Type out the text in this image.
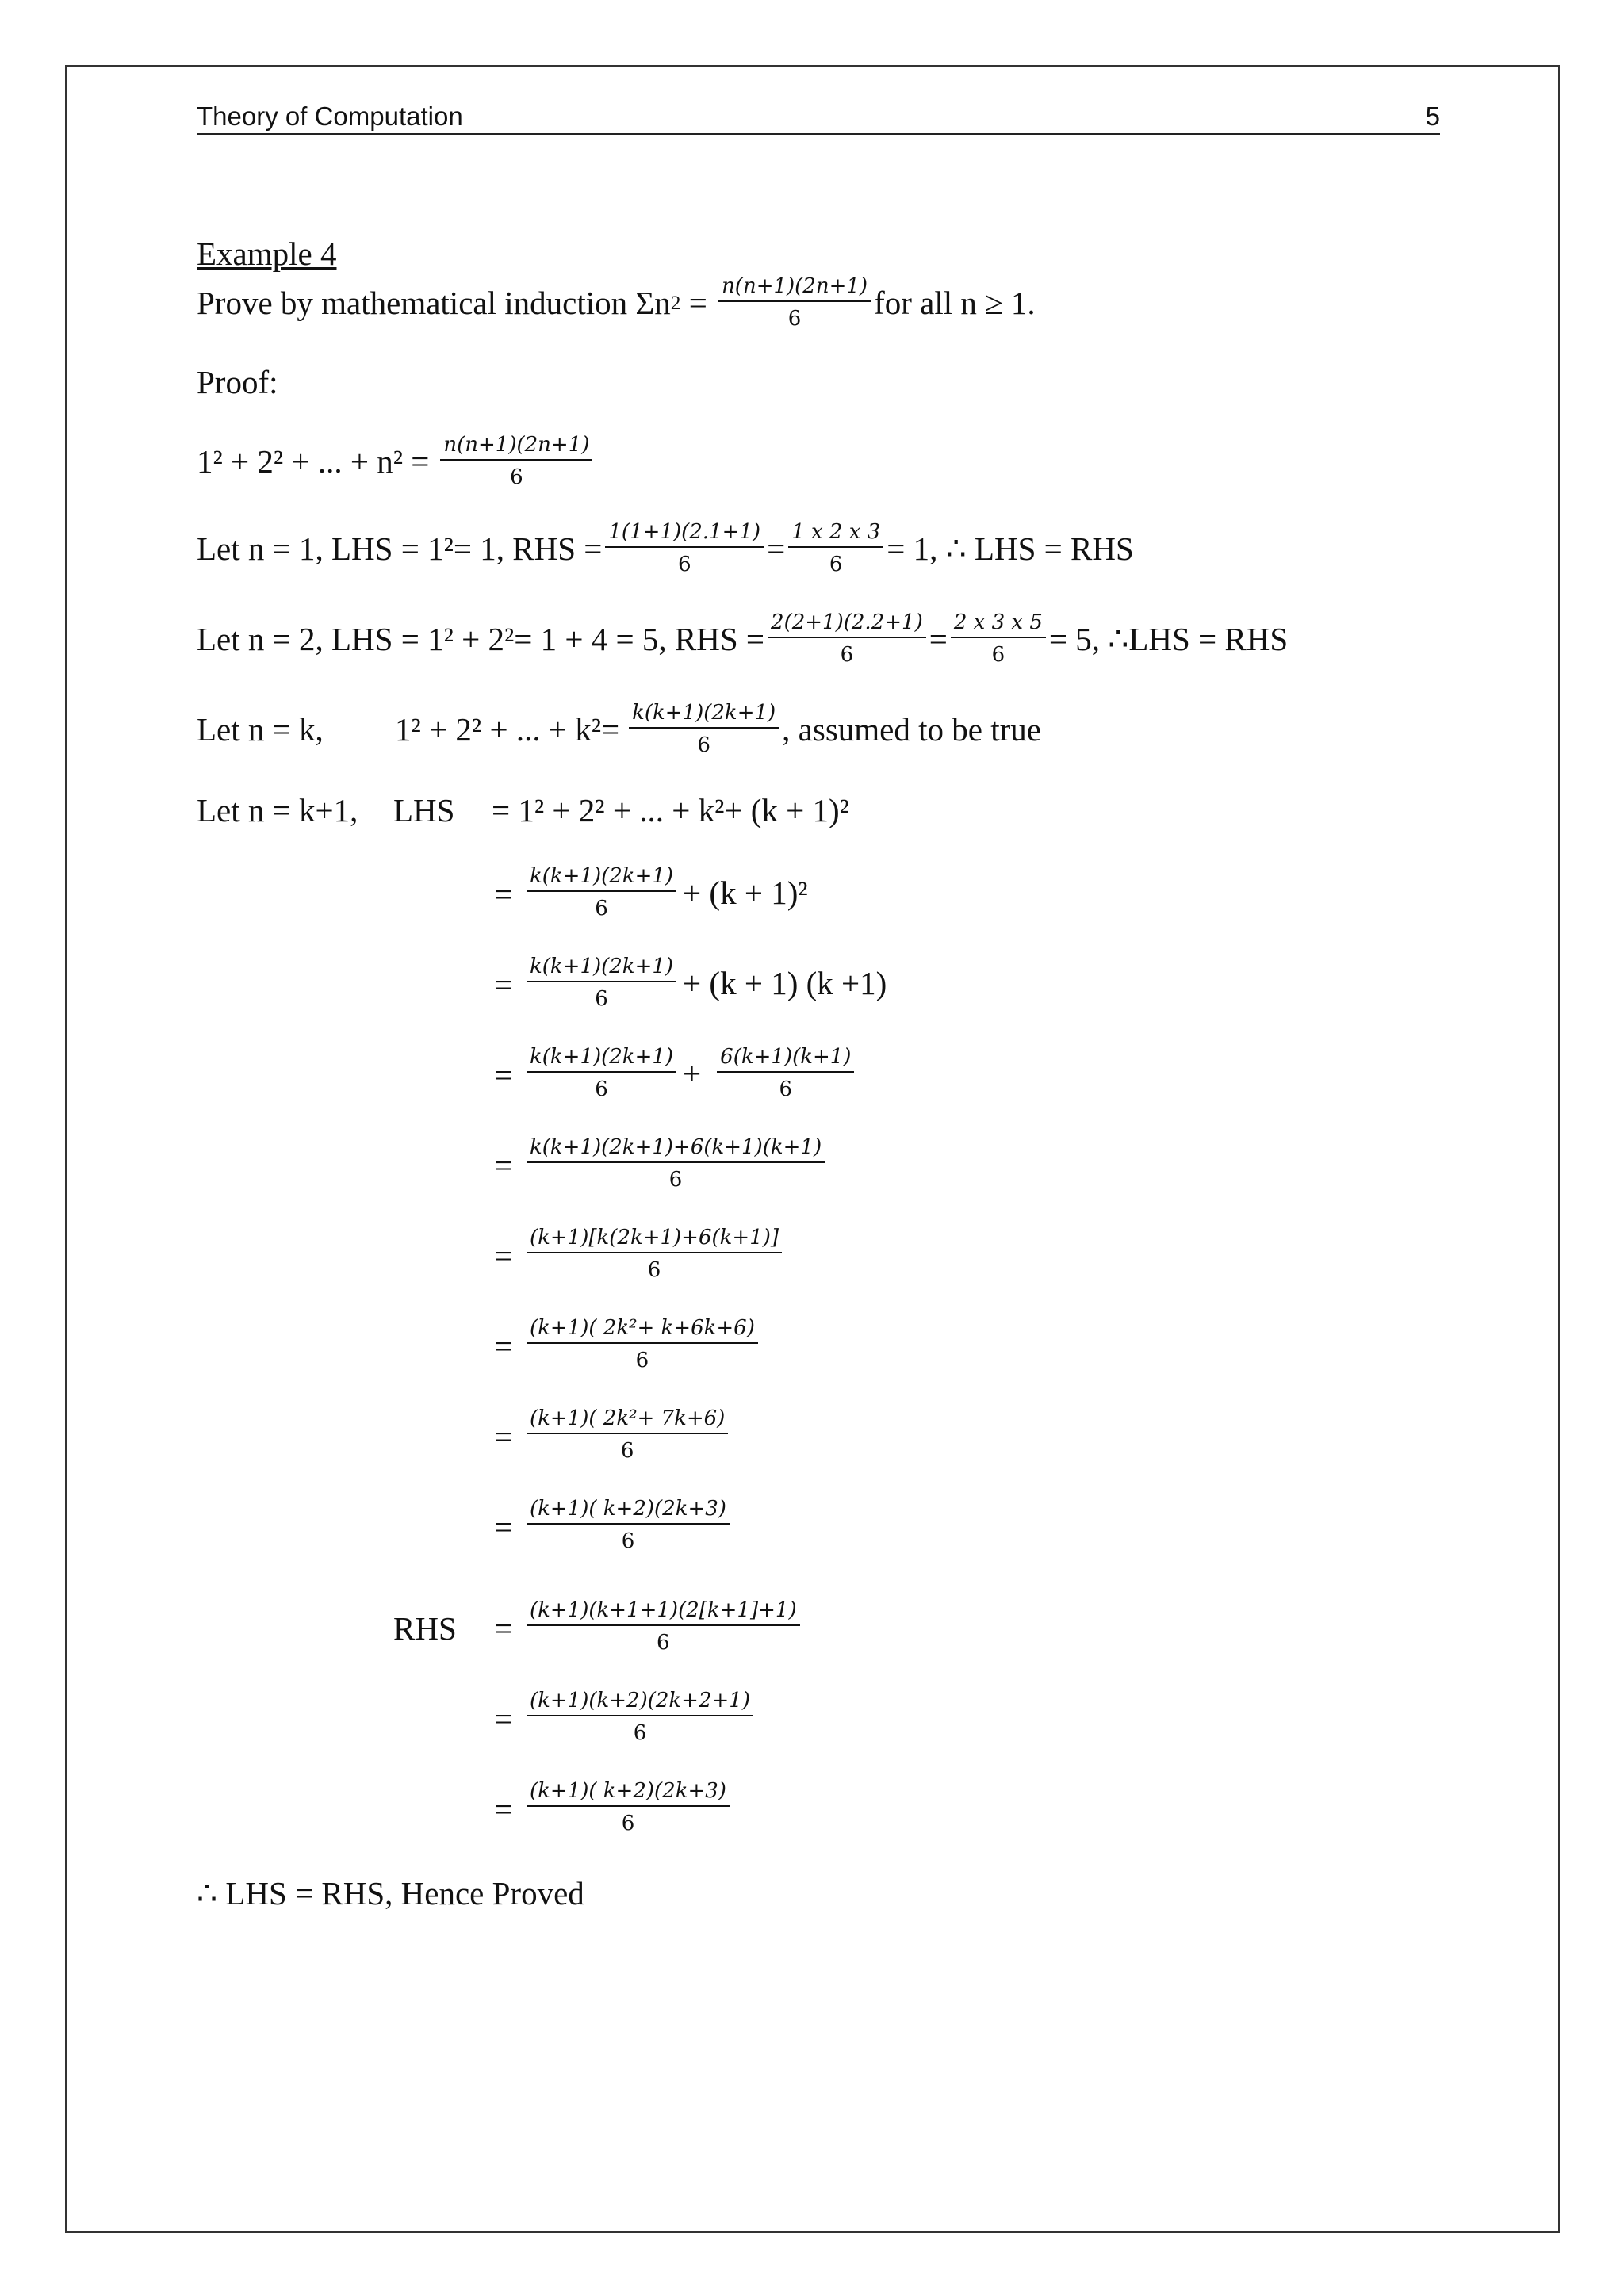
Theory of Computation	5
Example 4
Prove by mathematical induction Σn $2 = \frac{n(n+1)(2n+1)}{6}$ for all n ≥ 1.
Proof:
1² + 2² + ... + $n^2 = \frac{n(n+1)(2n+1)}{6}$
Let n = 1, LHS = 1²= 1, RHS = $\frac{1(1+1)(2.1+1)}{6} = \frac{1 x 2 x 3}{6} = 1$, ∴ LHS = RHS
Let n = 2, LHS = 1² + 2²= 1 + 4 = 5, RHS = $\frac{2(2+1)(2.2+1)}{6} = \frac{2 x 3 x 5}{6} = 5$, ∴LHS = RHS
Let n = k,	1² + 2² + ... + $k^2= \frac{k(k+1)(2k+1)}{6}$ , assumed to be true
Let n = k+1, LHS = 1² + 2² + ... + k²+ (k + 1)²
= $\frac{k(k+1)(2k+1)}{6} + (k + 1)^2$
= $\frac{k(k+1)(2k+1)}{6} + (k + 1)$ (k +1)
= $\frac{k(k+1)(2k+1)}{6} + \frac{6(k+1)(k+1)}{6}$
= $\frac{k(k+1)(2k+1)+6(k+1)(k+1)}{6}$
= $\frac{(k+1)[k(2k+1)+6(k+1)]}{6}$
= $\frac{\text{(k+1)( 2k²+ k+6k+6)}}{6}$
= $\frac{\text{(k+1)( 2k²+ 7k+6)}}{6}$
= $\frac{(k+1)( k+2)(2k+3)}{6}$
RHS = $\frac{(k+1)(k+1+1)(2[k+1]+1)}{6}$
= $\frac{(k+1)(k+2)(2k+2+1)}{6}$
= $\frac{(k+1)( k+2)(2k+3)}{6}$
∴ LHS = RHS, Hence Proved
